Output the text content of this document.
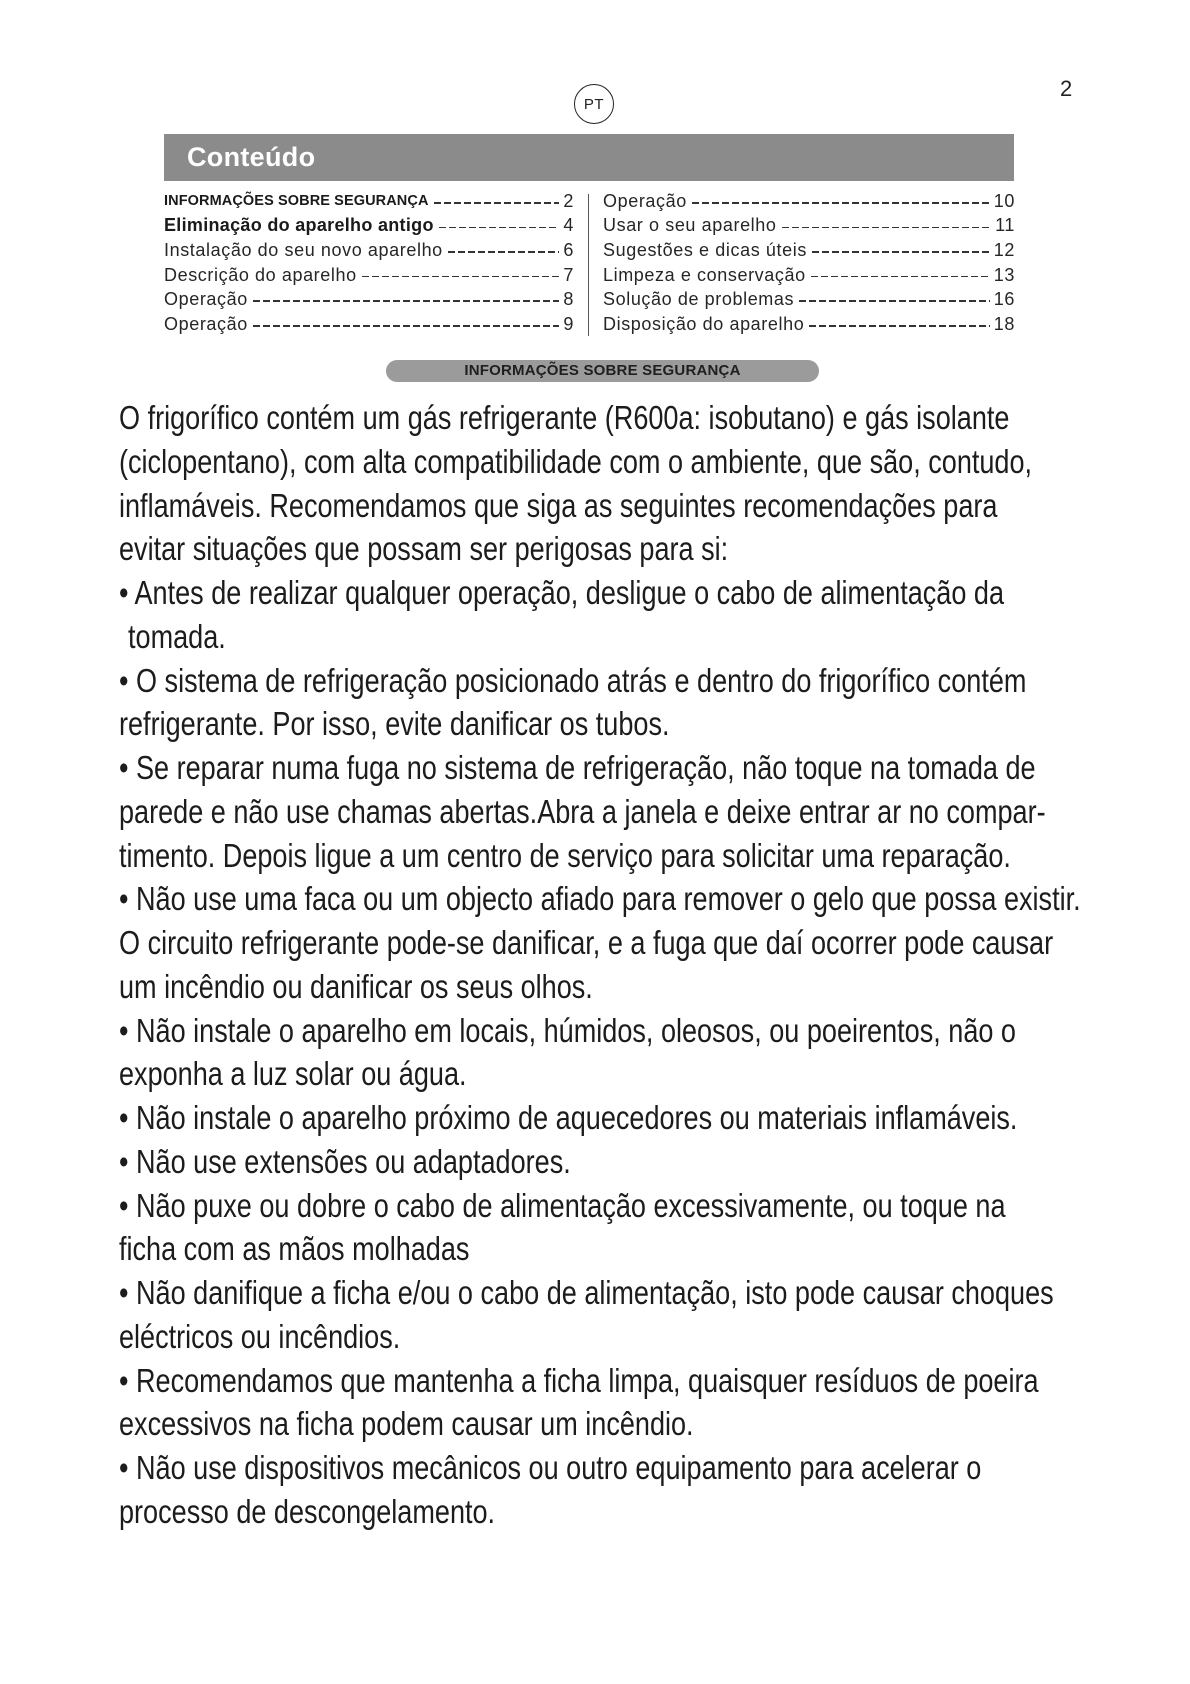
2
PT
Conteúdo
INFORMAÇÕES SOBRE SEGURANÇA	2
Eliminação do aparelho antigo	4
Instalação do seu novo aparelho	6
Descrição do aparelho	7
Operação	8
Operação	9
Operação	10
Usar o seu aparelho	11
Sugestões e dicas úteis	12
Limpeza e conservação	13
Solução de problemas	16
Disposição do aparelho	18
INFORMAÇÕES SOBRE SEGURANÇA
O frigorífico contém um gás refrigerante (R600a: isobutano) e gás isolante
(ciclopentano), com alta compatibilidade com o ambiente, que são, contudo,
inflamáveis. Recomendamos que siga as seguintes recomendações para
evitar situações que possam ser perigosas para si:
• Antes de realizar qualquer operação, desligue o cabo de alimentação da
tomada.
• O sistema de refrigeração posicionado atrás e dentro do frigorífico contém
refrigerante. Por isso, evite danificar os tubos.
• Se reparar numa fuga no sistema de refrigeração, não toque na tomada de
parede e não use chamas abertas.Abra a janela e deixe entrar ar no compar-
timento. Depois ligue a um centro de serviço para solicitar uma reparação.
• Não use uma faca ou um objecto afiado para remover o gelo que possa existir.
O circuito refrigerante pode-se danificar, e a fuga que daí ocorrer pode causar
um incêndio ou danificar os seus olhos.
• Não instale o aparelho em locais, húmidos, oleosos, ou poeirentos, não o
exponha a luz solar ou água.
• Não instale o aparelho próximo de aquecedores ou materiais inflamáveis.
• Não use extensões ou adaptadores.
• Não puxe ou dobre o cabo de alimentação excessivamente, ou toque na
ficha com as mãos molhadas
• Não danifique a ficha e/ou o cabo de alimentação, isto pode causar choques
eléctricos ou incêndios.
• Recomendamos que mantenha a ficha limpa, quaisquer resíduos de poeira
excessivos na ficha podem causar um incêndio.
• Não use dispositivos mecânicos ou outro equipamento para acelerar o
processo de descongelamento.
